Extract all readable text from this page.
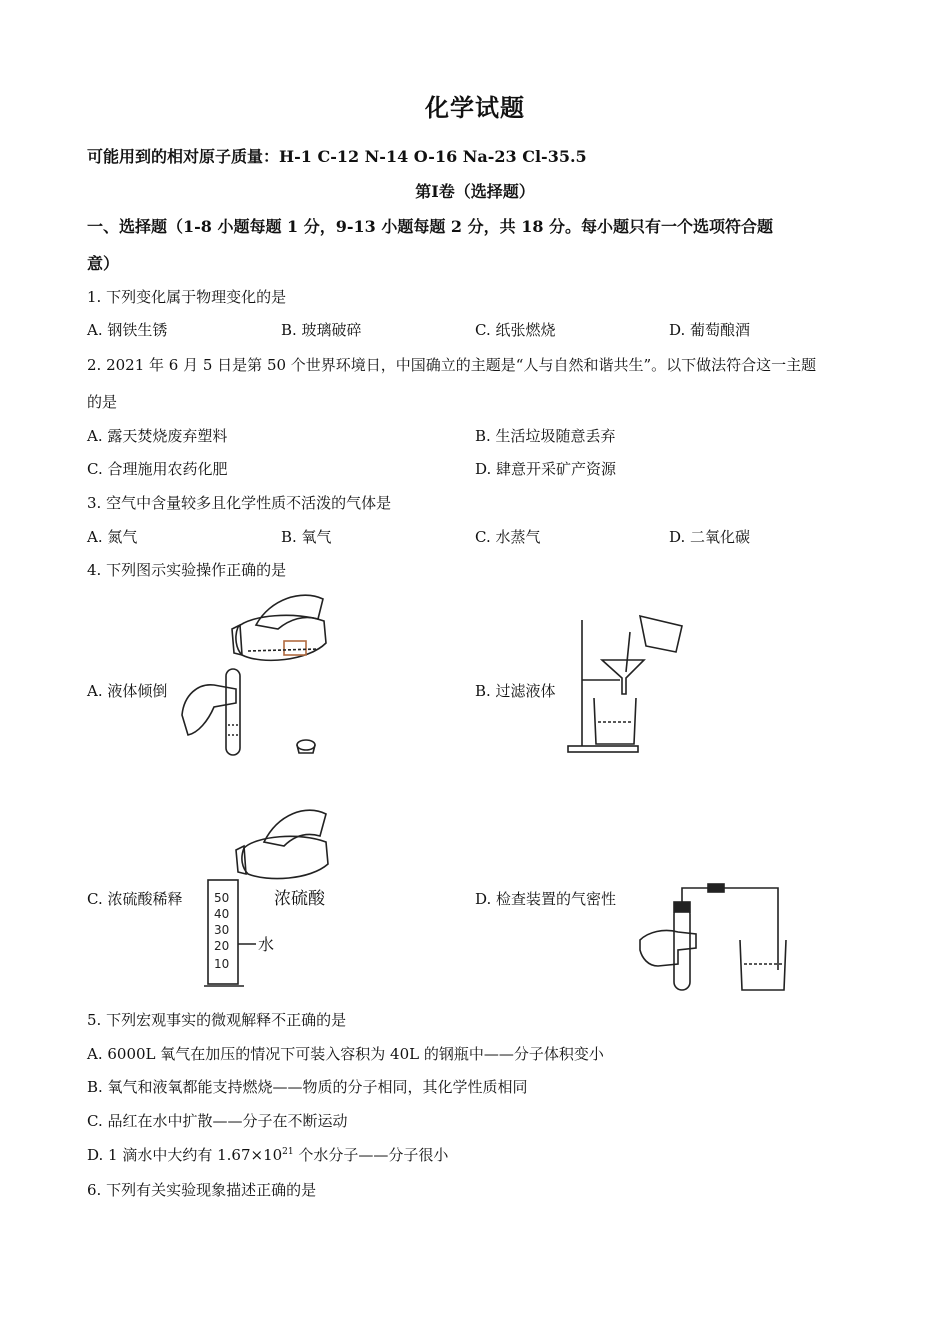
化学试题
可能用到的相对原子质量：H-1 C-12 N-14 O-16 Na-23 Cl-35.5
第Ⅰ卷（选择题）
一、选择题（1-8 小题每题 1 分，9-13 小题每题 2 分，共 18 分。每小题只有一个选项符合题
意）
1. 下列变化属于物理变化的是
A. 钢铁生锈	B. 玻璃破碎	C. 纸张燃烧	D. 葡萄酿酒
2. 2021 年 6 月 5 日是第 50 个世界环境日，中国确立的主题是“人与自然和谐共生”。以下做法符合这一主题
的是
A. 露天焚烧废弃塑料	B. 生活垃圾随意丢弃
C. 合理施用农药化肥	D. 肆意开采矿产资源
3. 空气中含量较多且化学性质不活泼的气体是
A. 氮气	B. 氧气	C. 水蒸气	D. 二氧化碳
4. 下列图示实验操作正确的是
A. 液体倾倒	B. 过滤液体
C. 浓硫酸稀释	D. 检查装置的气密性
50
40
30
20
10
浓硫酸
水
5. 下列宏观事实的微观解释不正确的是
A. 6000L 氧气在加压的情况下可装入容积为 40L 的钢瓶中——分子体积变小
B. 氧气和液氧都能支持燃烧——物质的分子相同，其化学性质相同
C. 品红在水中扩散——分子在不断运动
D. 1 滴水中大约有 $1.67\times 10^{21}$ 个水分子——分子很小
6. 下列有关实验现象描述正确的是
